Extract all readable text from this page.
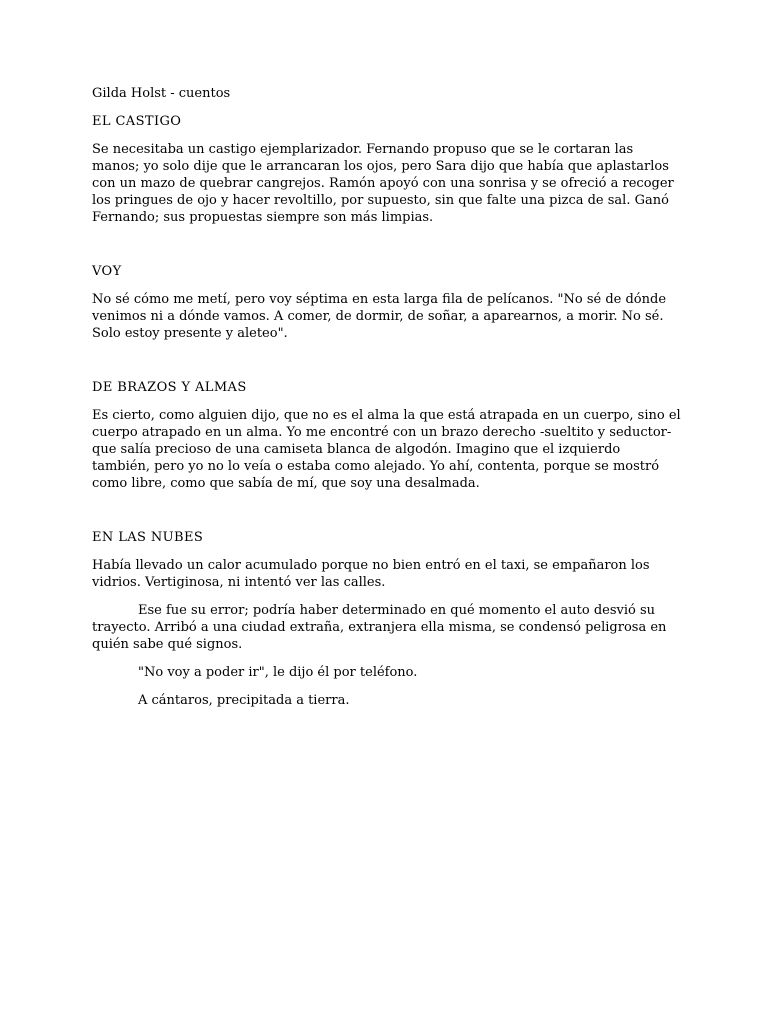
Gilda Holst - cuentos

EL CASTIGO

Se necesitaba un castigo ejemplarizador. Fernando propuso que se le cortaran las manos; yo solo dije que le arrancaran los ojos, pero Sara dijo que había que aplastarlos con un mazo de quebrar cangrejos. Ramón apoyó con una sonrisa y se ofreció a recoger los pringues de ojo y hacer revoltillo, por supuesto, sin que falte una pizca de sal. Ganó Fernando; sus propuestas siempre son más limpias.

VOY

No sé cómo me metí, pero voy séptima en esta larga fila de pelícanos. "No sé de dónde venimos ni a dónde vamos. A comer, de dormir, de soñar, a aparearnos, a morir. No sé. Solo estoy presente y aleteo".

DE BRAZOS Y ALMAS

Es cierto, como alguien dijo, que no es el alma la que está atrapada en un cuerpo, sino el cuerpo atrapado en un alma. Yo me encontré con un brazo derecho -sueltito y seductor- que salía precioso de una camiseta blanca de algodón. Imagino que el izquierdo también, pero yo no lo veía o estaba como alejado. Yo ahí, contenta, porque se mostró como libre, como que sabía de mí, que soy una desalmada.

EN LAS NUBES

Había llevado un calor acumulado porque no bien entró en el taxi, se empañaron los vidrios. Vertiginosa, ni intentó ver las calles.

Ese fue su error; podría haber determinado en qué momento el auto desvió su trayecto. Arribó a una ciudad extraña, extranjera ella misma, se condensó peligrosa en quién sabe qué signos.

"No voy a poder ir", le dijo él por teléfono.

A cántaros, precipitada a tierra.
